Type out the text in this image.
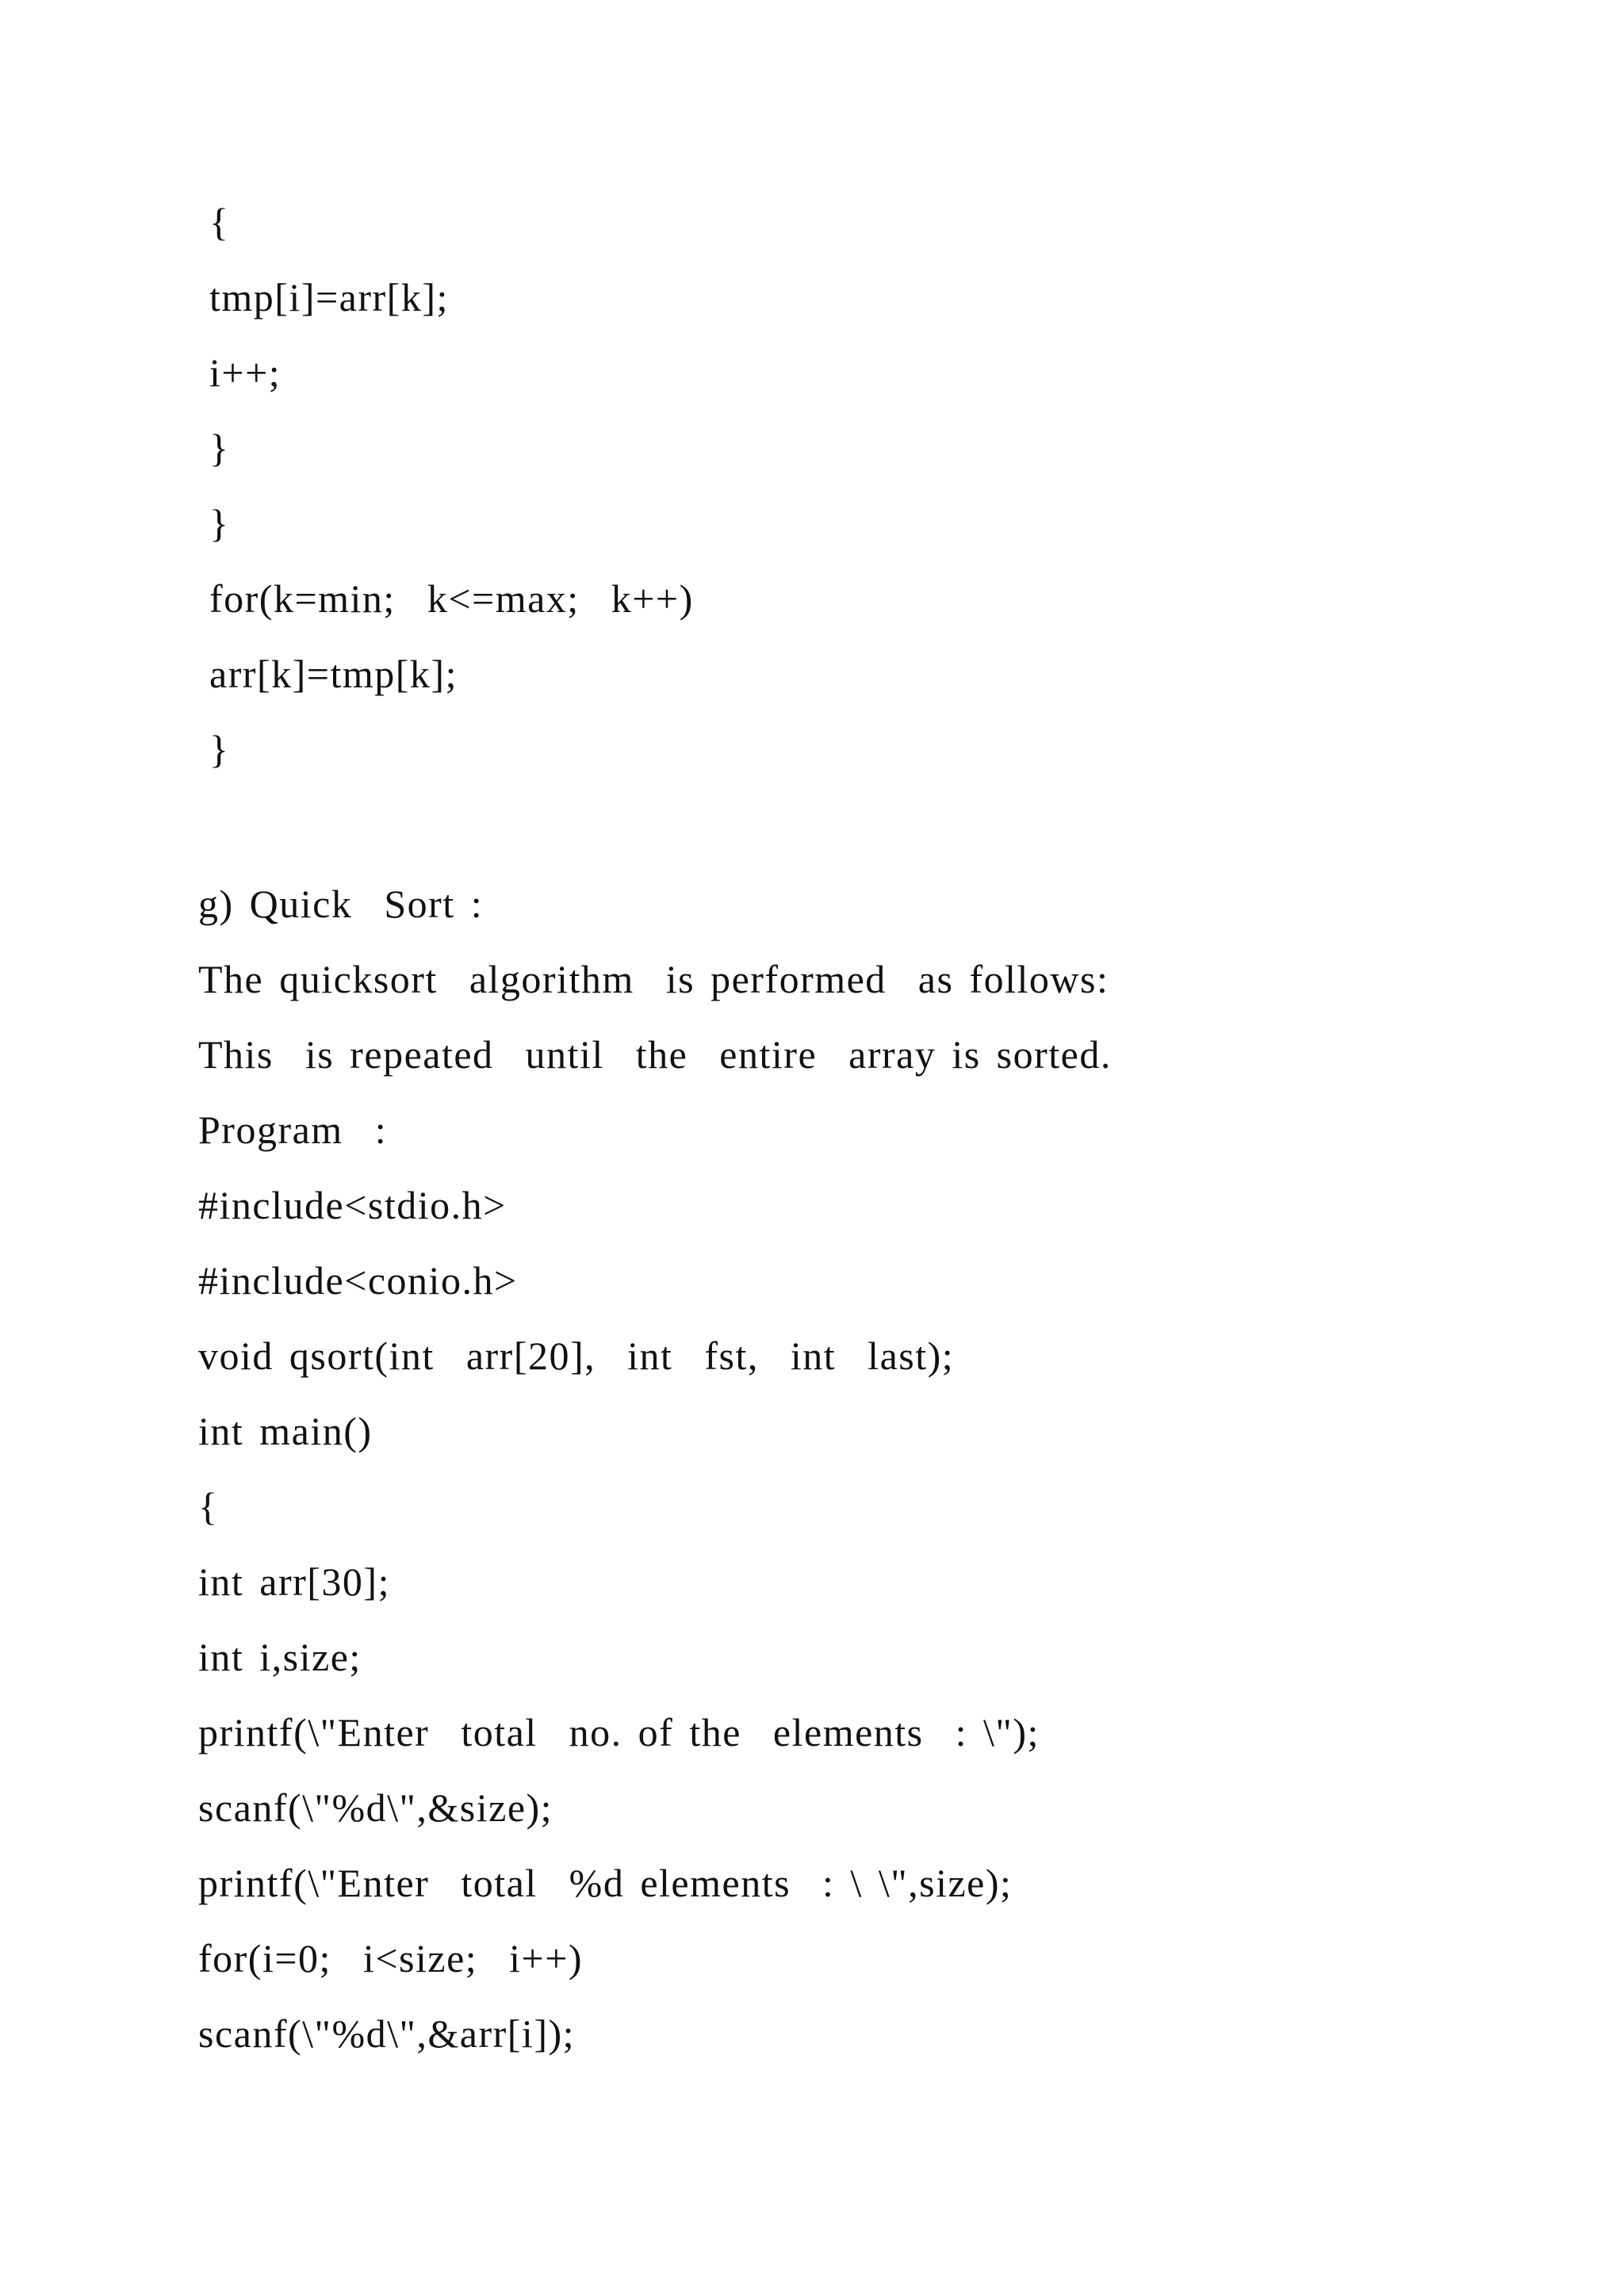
{
tmp[i]=arr[k];
i++;
}
}
for(k=min;  k<=max;  k++)
arr[k]=tmp[k];
}
g) Quick  Sort :
The quicksort  algorithm  is performed  as follows:
This  is repeated  until  the  entire  array is sorted.
Program  :
#include<stdio.h>
#include<conio.h>
void qsort(int  arr[20],  int  fst,  int  last);
int main()
{
int arr[30];
int i,size;
printf(\"Enter  total  no. of the  elements  : \");
scanf(\"%d\",&size);
printf(\"Enter  total  %d elements  : \ \",size);
for(i=0;  i<size;  i++)
scanf(\"%d\",&arr[i]);
